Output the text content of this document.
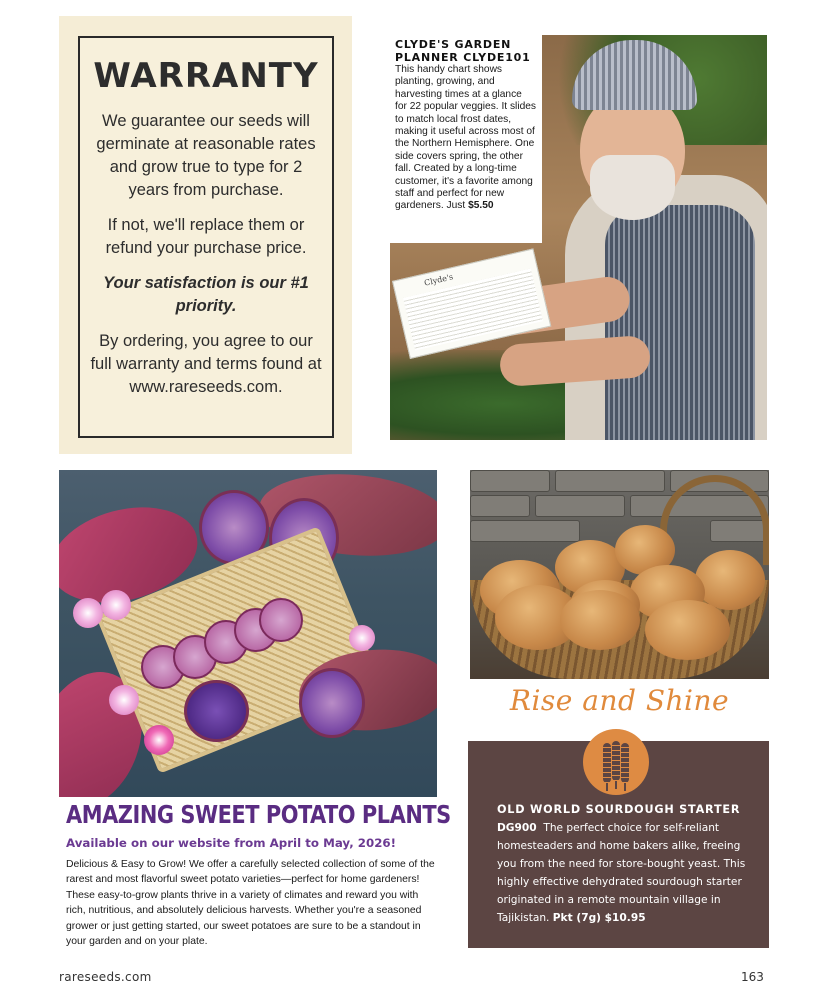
WARRANTY
We guarantee our seeds will germinate at reasonable rates and grow true to type for 2 years from purchase.
If not, we'll replace them or refund your purchase price.
Your satisfaction is our #1 priority.
By ordering, you agree to our full warranty and terms found at www.rareseeds.com.
Clyde's
CLYDE'S GARDEN PLANNER CLYDE101
This handy chart shows planting, growing, and harvesting times at a glance for 22 popular veggies. It slides to match local frost dates, making it useful across most of the Northern Hemisphere. One side covers spring, the other fall. Created by a long-time customer, it's a favorite among staff and perfect for new gardeners. Just $5.50
AMAZING SWEET POTATO PLANTS
Available on our website from April to May, 2026!
Delicious & Easy to Grow! We offer a carefully selected collection of some of the rarest and most flavorful sweet potato varieties—perfect for home gardeners! These easy-to-grow plants thrive in a variety of climates and reward you with rich, nutritious, and absolutely delicious harvests. Whether you're a seasoned grower or just getting started, our sweet potatoes are sure to be a standout in your garden and on your plate.
Rise and Shine
OLD WORLD SOURDOUGH STARTER
DG900 The perfect choice for self-reliant homesteaders and home bakers alike, freeing you from the need for store-bought yeast. This highly effective dehydrated sourdough starter originated in a remote mountain village in Tajikistan. Pkt (7g) $10.95
rareseeds.com	163
